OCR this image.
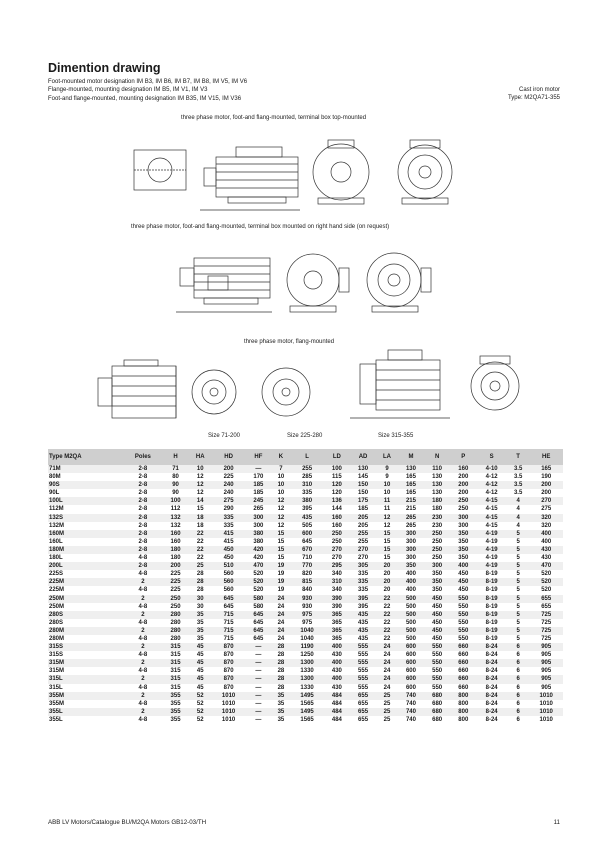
Dimention drawing
Foot-mounted motor designation IM B3, IM B6, IM B7, IM B8, IM V5, IM V6
Flange-mounted, mounting designation IM B5, IM V1, IM V3
Foot-and flange-mounted, mounting designation IM B35, IM V15, IM V36
Cast iron motor
Type: M2QA71-355
three phase motor, foot-and flang-mounted, terminal box top-mounted
three phase motor, foot-and flang-mounted, terminal box mounted on right hand side (on request)
three phase motor, flang-mounted
Size 71-200	Size 225-280	Size 315-355
Type M2QA	Poles	H	HA	HD	HF	K	L	LD	AD	LA	M	N	P	S	T	HE
71M	2-8	71	10	200	—	7	255	100	130	9	130	110	160	4-10	3.5	165
80M	2-8	80	12	225	170	10	285	115	145	9	165	130	200	4-12	3.5	190
90S	2-8	90	12	240	185	10	310	120	150	10	165	130	200	4-12	3.5	200
90L	2-8	90	12	240	185	10	335	120	150	10	165	130	200	4-12	3.5	200
100L	2-8	100	14	275	245	12	380	136	175	11	215	180	250	4-15	4	270
112M	2-8	112	15	290	265	12	395	144	185	11	215	180	250	4-15	4	275
132S	2-8	132	18	335	300	12	435	160	205	12	265	230	300	4-15	4	320
132M	2-8	132	18	335	300	12	505	160	205	12	265	230	300	4-15	4	320
160M	2-8	160	22	415	380	15	600	250	255	15	300	250	350	4-19	5	400
160L	2-8	160	22	415	380	15	645	250	255	15	300	250	350	4-19	5	400
180M	2-8	180	22	450	420	15	670	270	270	15	300	250	350	4-19	5	430
180L	4-8	180	22	450	420	15	710	270	270	15	300	250	350	4-19	5	430
200L	2-8	200	25	510	470	19	770	295	305	20	350	300	400	4-19	5	470
225S	4-8	225	28	560	520	19	820	340	335	20	400	350	450	8-19	5	520
225M	2	225	28	560	520	19	815	310	335	20	400	350	450	8-19	5	520
225M	4-8	225	28	560	520	19	840	340	335	20	400	350	450	8-19	5	520
250M	2	250	30	645	580	24	930	390	395	22	500	450	550	8-19	5	655
250M	4-8	250	30	645	580	24	930	390	395	22	500	450	550	8-19	5	655
280S	2	280	35	715	645	24	975	365	435	22	500	450	550	8-19	5	725
280S	4-8	280	35	715	645	24	975	365	435	22	500	450	550	8-19	5	725
280M	2	280	35	715	645	24	1040	365	435	22	500	450	550	8-19	5	725
280M	4-8	280	35	715	645	24	1040	365	435	22	500	450	550	8-19	5	725
315S	2	315	45	870	—	28	1190	400	555	24	600	550	660	8-24	6	905
315S	4-8	315	45	870	—	28	1250	430	555	24	600	550	660	8-24	6	905
315M	2	315	45	870	—	28	1300	400	555	24	600	550	660	8-24	6	905
315M	4-8	315	45	870	—	28	1330	430	555	24	600	550	660	8-24	6	905
315L	2	315	45	870	—	28	1300	400	555	24	600	550	660	8-24	6	905
315L	4-8	315	45	870	—	28	1330	430	555	24	600	550	660	8-24	6	905
355M	2	355	52	1010	—	35	1495	484	655	25	740	680	800	8-24	6	1010
355M	4-8	355	52	1010	—	35	1565	484	655	25	740	680	800	8-24	6	1010
355L	2	355	52	1010	—	35	1495	484	655	25	740	680	800	8-24	6	1010
355L	4-8	355	52	1010	—	35	1565	484	655	25	740	680	800	8-24	6	1010
ABB LV Motors/Catalogue BU/M2QA Motors GB12-03/TH	11
